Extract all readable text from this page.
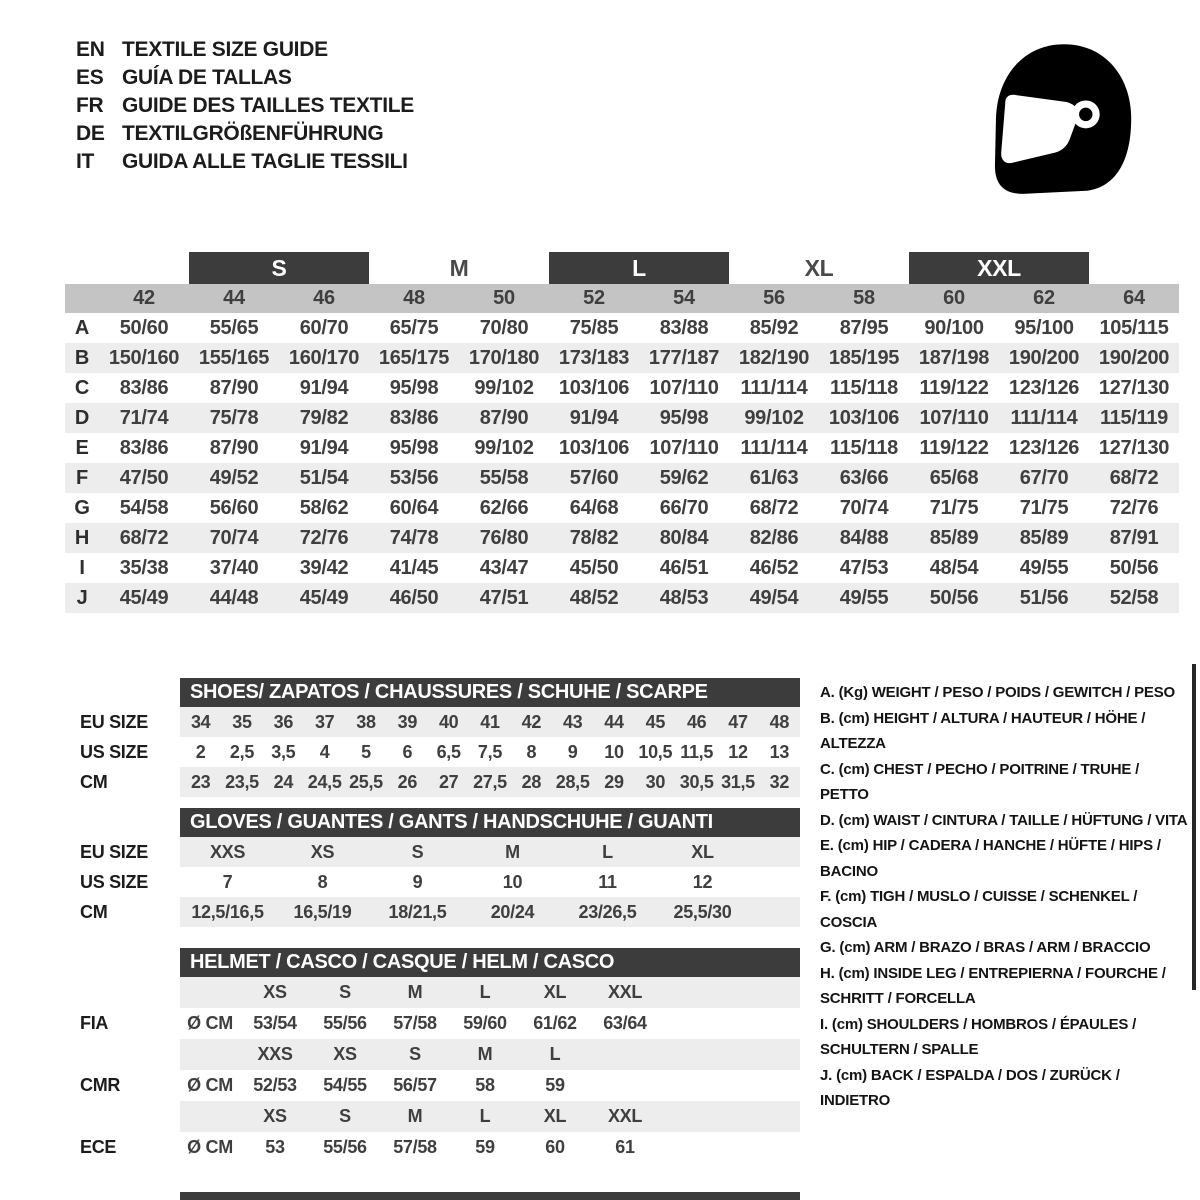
EN TEXTILE SIZE GUIDE
ES GUÍA DE TALLAS
FR GUIDE DES TAILLES TEXTILE
DE TEXTILGRÖßENFÜHRUNG
IT	GUIDA ALLE TAGLIE TESSILI
S	M	L	XL	XXL
42	44	46	48	50	52	54	56	58	60	62	64
A	50/60	55/65	60/70	65/75	70/80	75/85	83/88	85/92	87/95	90/100	95/100	105/115
B 150/160 155/165 160/170 165/175 170/180 173/183 177/187 182/190 185/195 187/198 190/200 190/200
C	83/86	87/90	91/94	95/98	99/102	103/106	107/110	111/114	115/118	119/122	123/126 127/130
D	71/74	75/78	79/82	83/86	87/90	91/94	95/98	99/102	103/106	107/110	111/114	115/119
E	83/86	87/90	91/94	95/98	99/102	103/106	107/110	111/114	115/118	119/122	123/126 127/130
F	47/50	49/52	51/54	53/56	55/58	57/60	59/62	61/63	63/66	65/68	67/70	68/72
G	54/58	56/60	58/62	60/64	62/66	64/68	66/70	68/72	70/74	71/75	71/75	72/76
H	68/72	70/74	72/76	74/78	76/80	78/82	80/84	82/86	84/88	85/89	85/89	87/91
I	35/38	37/40	39/42	41/45	43/47	45/50	46/51	46/52	47/53	48/54	49/55	50/56
J	45/49	44/48	45/49	46/50	47/51	48/52	48/53	49/54	49/55	50/56	51/56	52/58
SHOES/ ZAPATOS / CHAUSSURES / SCHUHE / SCARPE
EU SIZE
US SIZE
CM
34	35	36	37	38	39	40	41	42	43	44	45	46	47	48
2	2,5 3,5	4	5	6	6,5 7,5	8	9	10 10,5 11,5 12	13
23 23,5 24 24,5 25,5 26	27 27,5 28 28,5 29	30 30,5 31,5 32
GLOVES / GUANTES / GANTS / HANDSCHUHE / GUANTI
EU SIZE
US SIZE
CM
XXS	XS	S	M	L	XL
7	8	9	10	11	12
12,5/16,5	16,5/19	18/21,5	20/24	23/26,5	25,5/30
HELMET / CASCO / CASQUE / HELM / CASCO
FIA
CMR
ECE
XS	S	M	L	XL	XXL
Ø CM	53/54	55/56	57/58	59/60	61/62	63/64
XXS	XS	S	M	L
Ø CM	52/53	54/55	56/57	58	59
XS	S	M	L	XL	XXL
Ø CM	53	55/56	57/58	59	60	61
A. (Kg) WEIGHT / PESO / POIDS / GEWITCH / PESO
B. (cm) HEIGHT / ALTURA / HAUTEUR / HÖHE / ALTEZZA
C. (cm) CHEST / PECHO / POITRINE / TRUHE / PETTO
D. (cm) WAIST / CINTURA / TAILLE / HÜFTUNG / VITA
E. (cm) HIP / CADERA / HANCHE / HÜFTE / HIPS / BACINO
F. (cm) TIGH / MUSLO / CUISSE / SCHENKEL / COSCIA
G. (cm) ARM / BRAZO / BRAS / ARM / BRACCIO
H. (cm) INSIDE LEG / ENTREPIERNA / FOURCHE / SCHRITT / FORCELLA
I. (cm) SHOULDERS / HOMBROS / ÉPAULES / SCHULTERN / SPALLE
J. (cm) BACK / ESPALDA / DOS / ZURÜCK / INDIETRO
